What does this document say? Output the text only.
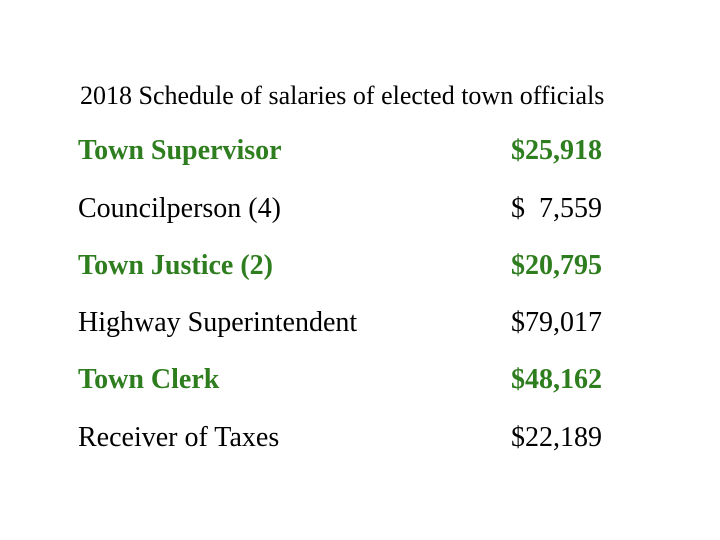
2018 Schedule of salaries of elected town officials
Town Supervisor	$25,918
Councilperson (4)	$  7,559
Town Justice (2)	$20,795
Highway Superintendent	$79,017
Town Clerk	$48,162
Receiver of Taxes	$22,189
